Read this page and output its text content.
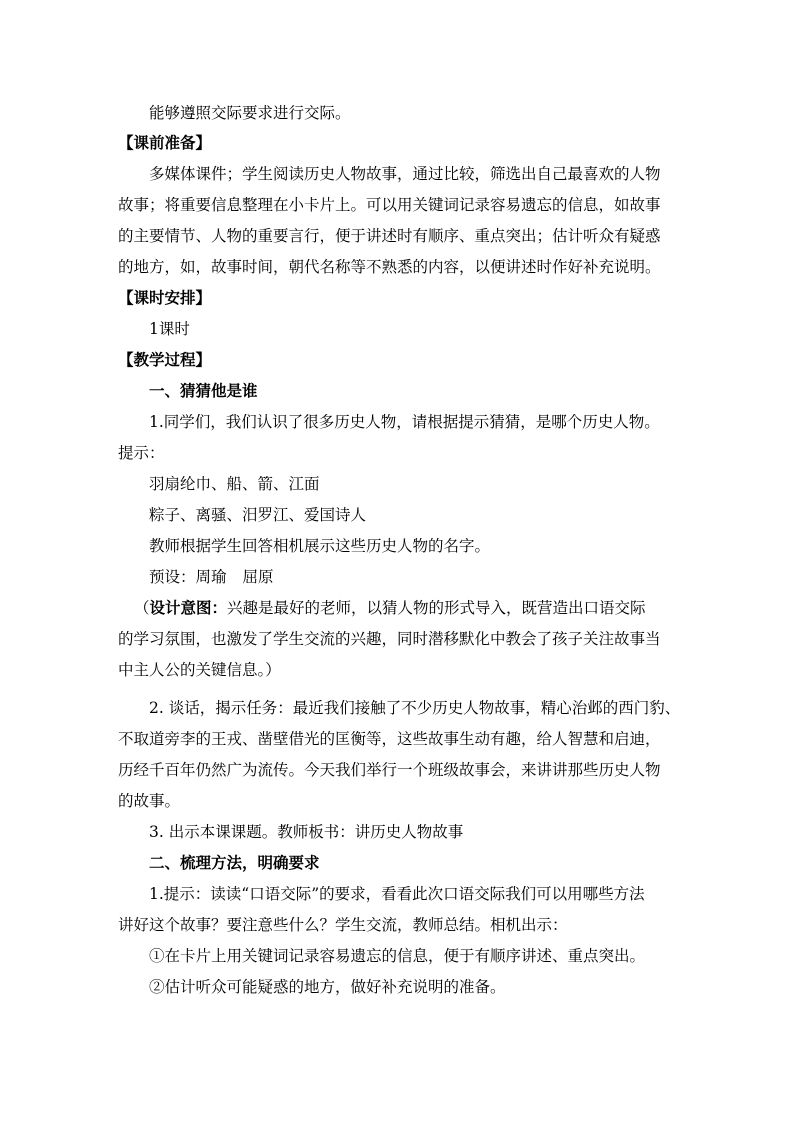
能够遵照交际要求进行交际。
【课前准备】
多媒体课件；学生阅读历史人物故事，通过比较，筛选出自己最喜欢的人物
故事；将重要信息整理在小卡片上。可以用关键词记录容易遗忘的信息，如故事
的主要情节、人物的重要言行，便于讲述时有顺序、重点突出；估计听众有疑惑
的地方，如，故事时间，朝代名称等不熟悉的内容，以便讲述时作好补充说明。
【课时安排】
1课时
【教学过程】
一、猜猜他是谁
1.同学们，我们认识了很多历史人物，请根据提示猜猜，是哪个历史人物。
提示：
羽扇纶巾、船、箭、江面
粽子、离骚、汨罗江、爱国诗人
教师根据学生回答相机展示这些历史人物的名字。
预设：周瑜 屈原
（设计意图：兴趣是最好的老师，以猜人物的形式导入，既营造出口语交际
的学习氛围，也激发了学生交流的兴趣，同时潜移默化中教会了孩子关注故事当
中主人公的关键信息。）
2. 谈话，揭示任务：最近我们接触了不少历史人物故事，精心治邺的西门豹、
不取道旁李的王戎、凿壁借光的匡衡等，这些故事生动有趣，给人智慧和启迪，
历经千百年仍然广为流传。今天我们举行一个班级故事会，来讲讲那些历史人物
的故事。
3. 出示本课课题。教师板书：讲历史人物故事
二、梳理方法，明确要求
1.提示：读读“口语交际”的要求，看看此次口语交际我们可以用哪些方法
讲好这个故事？要注意些什么？学生交流，教师总结。相机出示：
①在卡片上用关键词记录容易遗忘的信息，便于有顺序讲述、重点突出。
②估计听众可能疑惑的地方，做好补充说明的准备。
